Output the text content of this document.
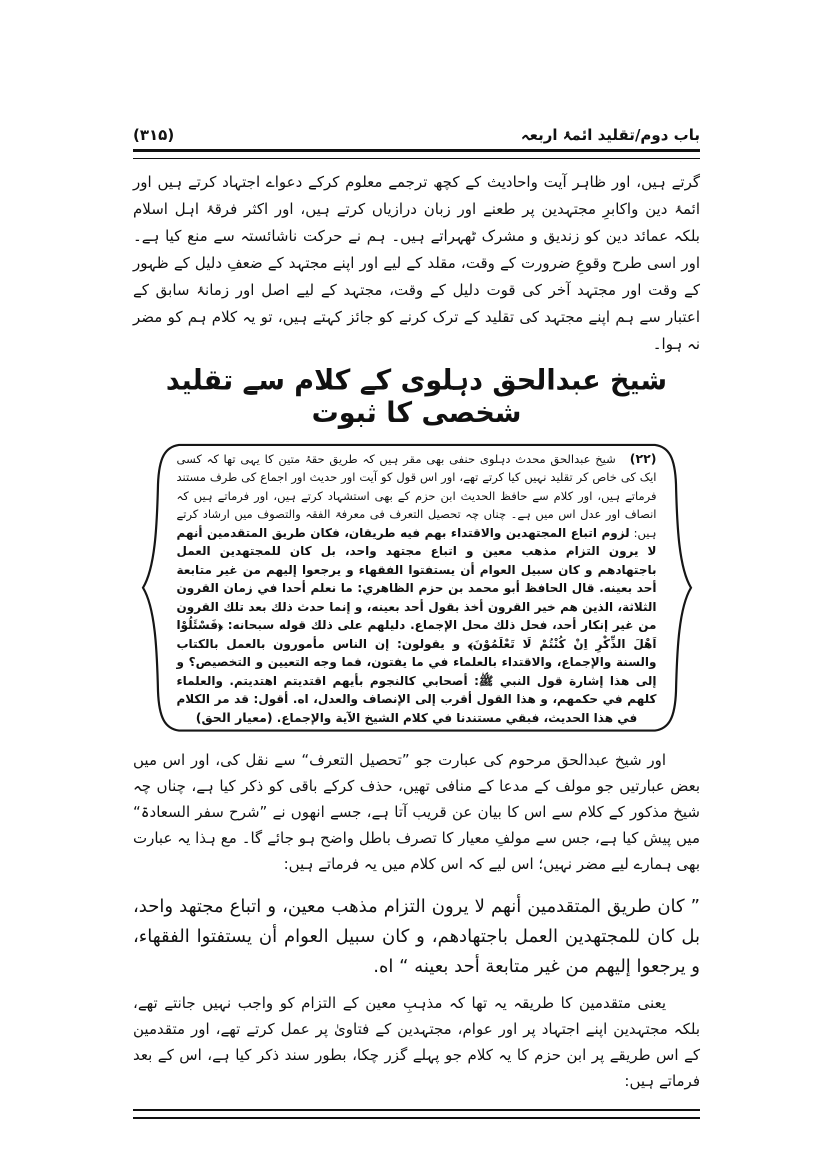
باب دوم/تقلید ائمۂ اربعہ
(۳۱۵)

گرتے ہیں، اور ظاہر آیت واحادیث کے کچھ ترجمے معلوم کرکے دعواے اجتہاد کرتے ہیں اور ائمۂ دین واکابرِ مجتہدین پر طعنے اور زبان درازیاں کرتے ہیں، اور اکثر فرقۂ اہل اسلام بلکہ عمائد دین کو زندیق و مشرک ٹھہراتے ہیں۔ ہم نے حرکت ناشائستہ سے منع کیا ہے۔ اور اسی طرح وقوعِ ضرورت کے وقت، مقلد کے لیے اور اپنے مجتہد کے ضعفِ دلیل کے ظہور کے وقت اور مجتہد آخر کی قوت دلیل کے وقت، مجتہد کے لیے اصل اور زمانۂ سابق کے اعتبار سے ہم اپنے مجتہد کی تقلید کے ترک کرنے کو جائز کہتے ہیں، تو یہ کلام ہم کو مضر نہ ہوا۔

شیخ عبدالحق دہلوی کے کلام سے تقلید شخصی کا ثبوت

(۲۲)شیخ عبدالحق محدث دہلوی حنفی بھی مقر ہیں کہ طریق حقۂ متین کا یہی تھا کہ کسی ایک کی خاص کر تقلید نہیں کیا کرتے تھے، اور اس قول کو آیت اور حدیث اور اجماع کی طرف مستند فرماتے ہیں، اور کلام سے حافظ الحدیث ابن حزم کے بھی استشہاد کرتے ہیں، اور فرماتے ہیں کہ انصاف اور عدل اس میں ہے۔ چناں چہ تحصیل التعرف فی معرفۃ الفقہ والتصوف میں ارشاد کرتے ہیں: لزوم اتباع المجتهدين والاقتداء بهم فيه طريقان، فكان طريق المتقدمين أنهم لا يرون التزام مذهب معين و اتباع مجتهد واحد، بل كان للمجتهدين العمل باجتهادهم و كان سبيل العوام أن يستفتوا الفقهاء و يرجعوا إليهم من غير متابعة أحد بعينه. قال الحافظ أبو محمد بن حزم الظاهري: ما نعلم أحدا في زمان القرون الثلاثة، الذين هم خير القرون أخذ بقول أحد بعينه، و إنما حدث ذلك بعد تلك القرون من غير إنكار أحد، فحل ذلك محل الإجماع. دليلهم على ذلك قوله سبحانه: ﴿فَسْئَلُوْا اَهْلَ الذِّكْرِ اِنْ كُنْتُمْ لَا تَعْلَمُوْنَ﴾ و يقولون: إن الناس مأمورون بالعمل بالكتاب والسنة والإجماع، والاقتداء بالعلماء في ما يفتون، فما وجه التعيين و التخصيص؟ و إلى هذا إشارة قول النبي ﷺ: أصحابي كالنجوم بأيهم اقتديتم اهتديتم. والعلماء كلهم في حكمهم، و هذا القول أقرب إلى الإنصاف والعدل، اه. أقول: قد مر الكلام في هذا الحديث، فبقي مستندنا في كلام الشيخ الآية والإجماع. (معیار الحق)

اور شیخ عبدالحق مرحوم کی عبارت جو ”تحصیل التعرف“ سے نقل کی، اور اس میں بعض عبارتیں جو مولف کے مدعا کے منافی تھیں، حذف کرکے باقی کو ذکر کیا ہے، چناں چہ شیخ مذکور کے کلام سے اس کا بیان عن قریب آتا ہے، جسے انھوں نے ”شرح سفر السعادۃ“ میں پیش کیا ہے، جس سے مولفِ معیار کا تصرف باطل واضح ہو جائے گا۔ مع ہذا یہ عبارت بھی ہمارے لیے مضر نہیں؛ اس لیے کہ اس کلام میں یہ فرماتے ہیں:

” کان طريق المتقدمين أنهم لا يرون التزام مذهب معين، و اتباع مجتهد واحد، بل كان للمجتهدين العمل باجتهادهم، و كان سبيل العوام أن يستفتوا الفقهاء، و يرجعوا إليهم من غير متابعة أحد بعينه “ اه.

یعنی متقدمین کا طریقہ یہ تھا کہ مذہبِ معین کے التزام کو واجب نہیں جانتے تھے، بلکہ مجتہدین اپنے اجتہاد پر اور عوام، مجتہدین کے فتاویٰ پر عمل کرتے تھے، اور متقدمین کے اس طریقے پر ابن حزم کا یہ کلام جو پہلے گزر چکا، بطور سند ذکر کیا ہے، اس کے بعد فرماتے ہیں:
